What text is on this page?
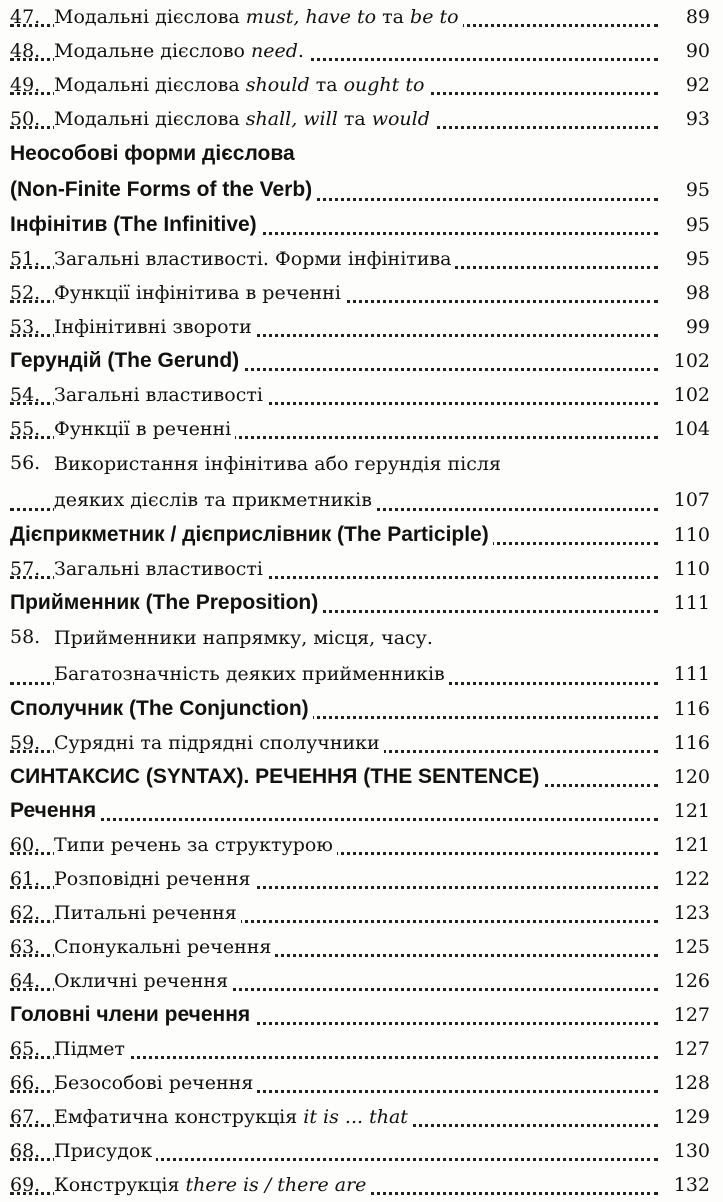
47. Модальні дієслова must, have to та be to	89
48. Модальне дієслово need.	90
49. Модальні дієслова should та ought to	92
50. Модальні дієслова shall, will та would	93
Неособові форми дієслова
(Non-Finite Forms of the Verb)	95
Інфінітив (The Infinitive)	95
51. Загальні властивості. Форми інфінітива	95
52. Функції інфінітива в реченні	98
53. Інфінітивні звороти	99
Герундій (The Gerund)	102
54. Загальні властивості	102
55. Функції в реченні	104
56. Використання інфінітива або герундія після
деяких дієслів та прикметників	107
Дієприкметник / дієприслівник (The Participle)	110
57. Загальні властивості	110
Прийменник (The Preposition)	111
58. Прийменники напрямку, місця, часу.
Багатозначність деяких прийменників	111
Сполучник (The Conjunction)	116
59. Сурядні та підрядні сполучники	116
СИНТАКСИС (SYNTAX). РЕЧЕННЯ (THE SENTENCE)	120
Речення	121
60. Типи речень за структурою	121
61. Розповідні речення	122
62. Питальні речення	123
63. Спонукальні речення	125
64. Окличні речення	126
Головні члени речення	127
65. Підмет	127
66. Безособові речення	128
67. Емфатична конструкція it is ... that	129
68. Присудок	130
69. Конструкція there is / there are	132
